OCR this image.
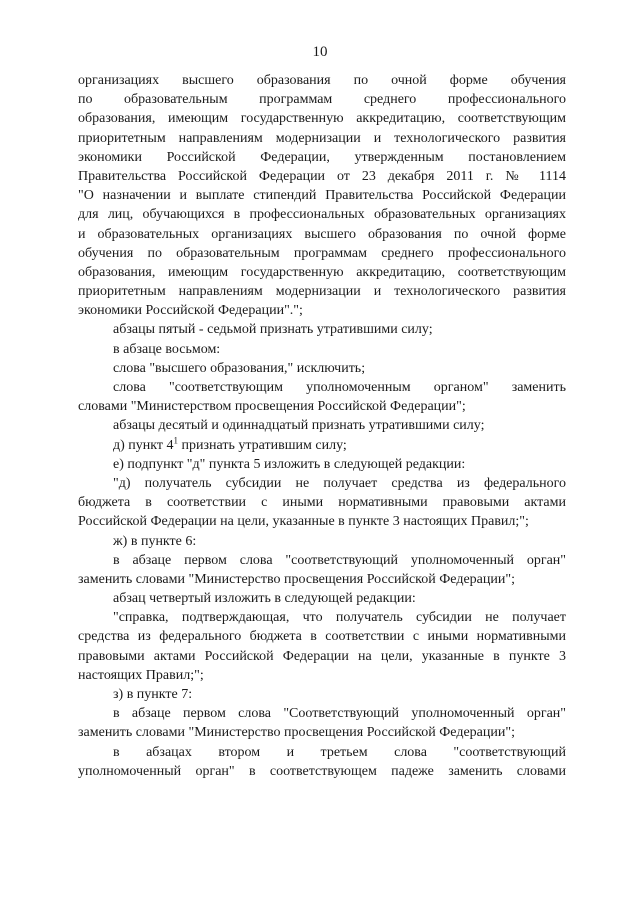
10
организациях высшего образования по очной форме обучения
по образовательным программам среднего профессионального
образования, имеющим государственную аккредитацию, соответствующим
приоритетным направлениям модернизации и технологического развития
экономики Российской Федерации, утвержденным постановлением
Правительства Российской Федерации от 23 декабря 2011 г. № 1114
"О назначении и выплате стипендий Правительства Российской Федерации
для лиц, обучающихся в профессиональных образовательных организациях
и образовательных организациях высшего образования по очной форме
обучения по образовательным программам среднего профессионального
образования, имеющим государственную аккредитацию, соответствующим
приоритетным направлениям модернизации и технологического развития
экономики Российской Федерации".";
абзацы пятый - седьмой признать утратившими силу;
в абзаце восьмом:
слова "высшего образования," исключить;
слова "соответствующим уполномоченным органом" заменить
словами "Министерством просвещения Российской Федерации";
абзацы десятый и одиннадцатый признать утратившими силу;
д) пункт $4^1$ признать утратившим силу;
е) подпункт "д" пункта 5 изложить в следующей редакции:
"д) получатель субсидии не получает средства из федерального
бюджета в соответствии с иными нормативными правовыми актами
Российской Федерации на цели, указанные в пункте 3 настоящих Правил;";
ж) в пункте 6:
в абзаце первом слова "соответствующий уполномоченный орган"
заменить словами "Министерство просвещения Российской Федерации";
абзац четвертый изложить в следующей редакции:
"справка, подтверждающая, что получатель субсидии не получает
средства из федерального бюджета в соответствии с иными нормативными
правовыми актами Российской Федерации на цели, указанные в пункте 3
настоящих Правил;";
з) в пункте 7:
в абзаце первом слова "Соответствующий уполномоченный орган"
заменить словами "Министерство просвещения Российской Федерации";
в абзацах втором и третьем слова "соответствующий
уполномоченный орган" в соответствующем падеже заменить словами
